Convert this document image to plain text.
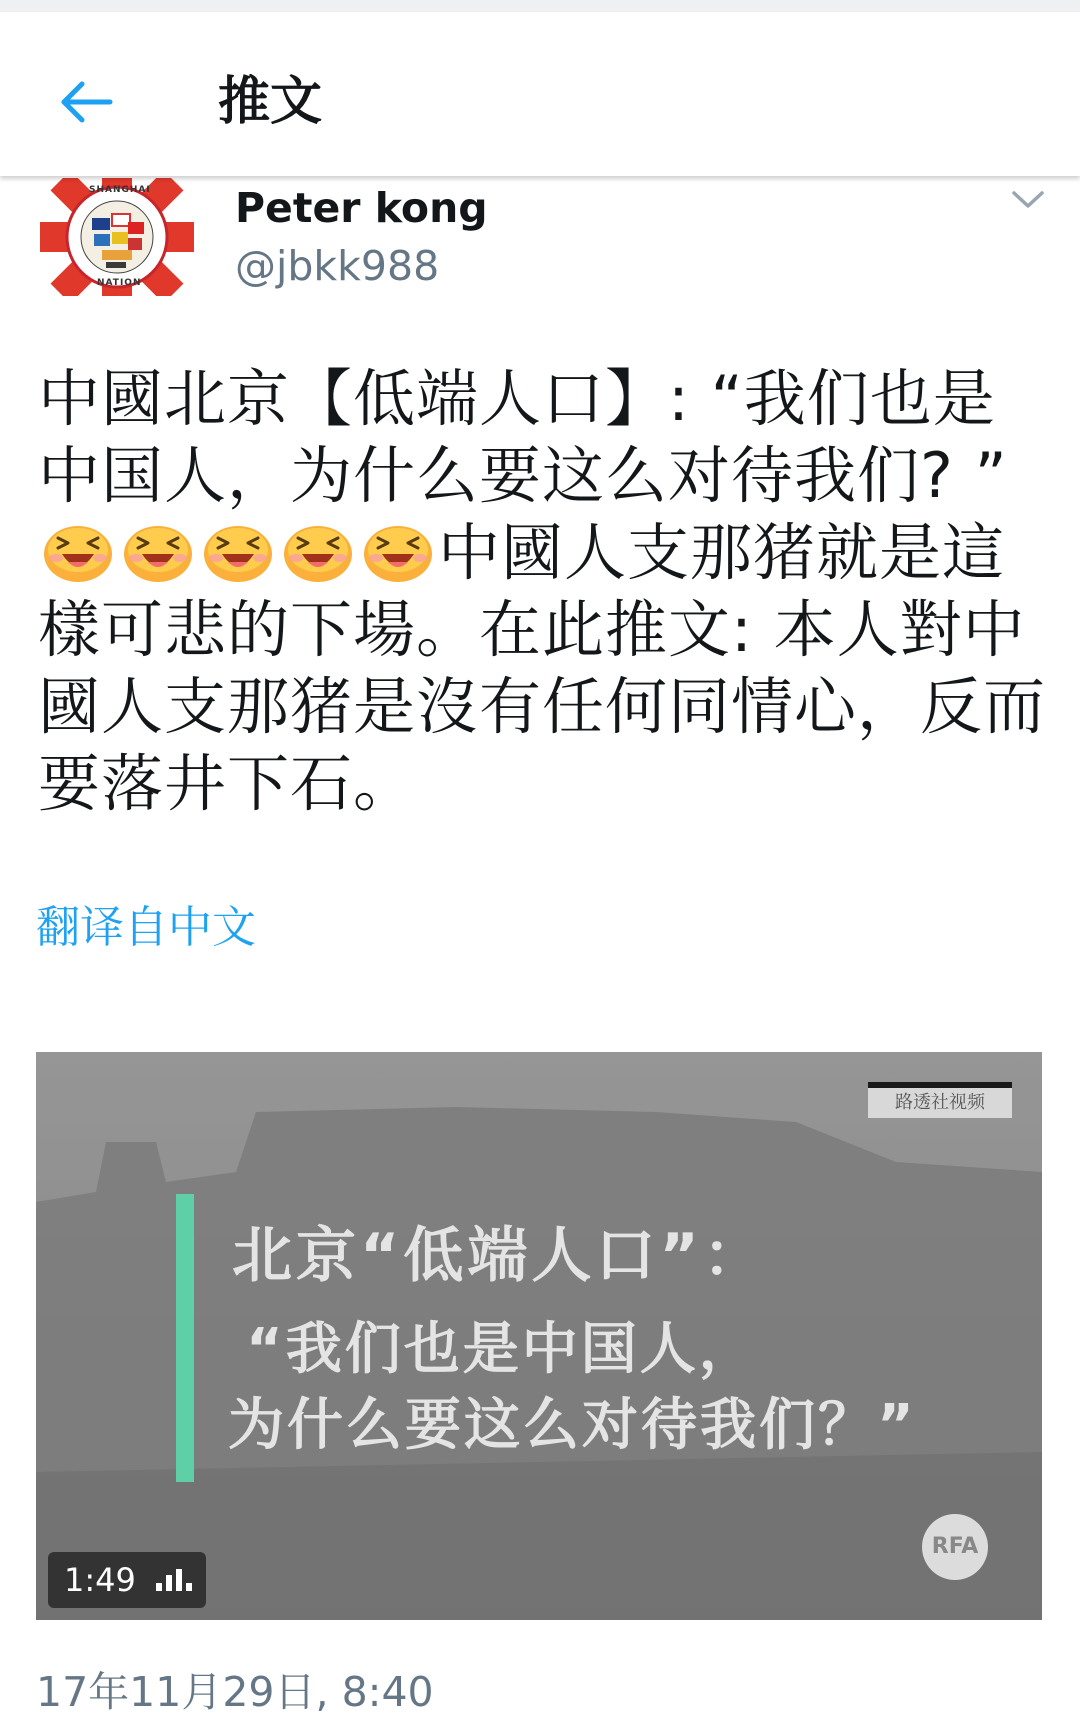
推文
SHANGHAI
NATION
Peter kong
@jbkk988
中國北京【低端人口】: “我们也是中国人，为什么要这么对待我们? ”中國人支那猪就是這樣可悲的下場。在此推文: 本人對中國人支那猪是沒有任何同情心，反而要落井下石。
翻译自中文
路透社视频
北京“低端人口”：
“我们也是中国人，
为什么要这么对待我们？”
RFA
1:49
17年11月29日, 8:40
